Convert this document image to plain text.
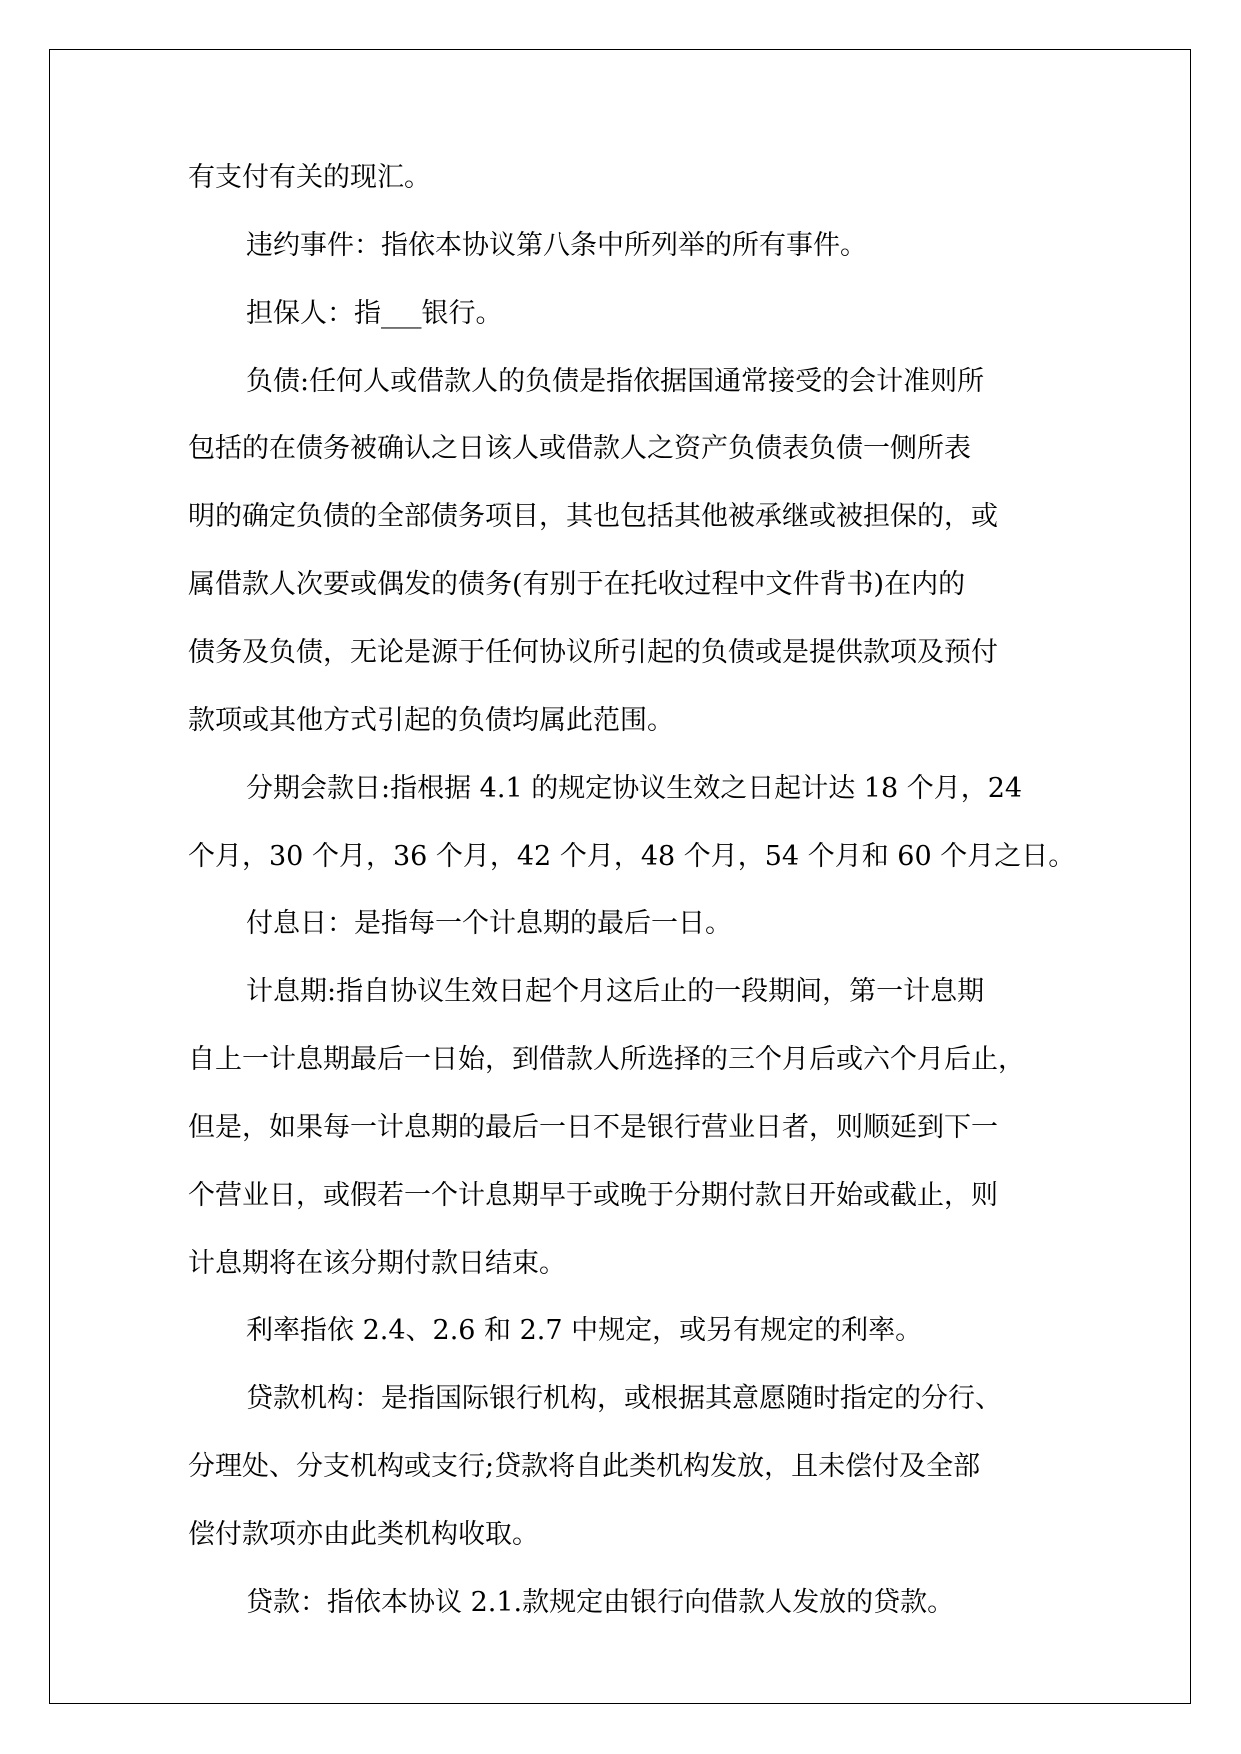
有支付有关的现汇。

违约事件：指依本协议第八条中所列举的所有事件。

担保人：指___银行。

负债:任何人或借款人的负债是指依据国通常接受的会计准则所

包括的在债务被确认之日该人或借款人之资产负债表负债一侧所表

明的确定负债的全部债务项目，其也包括其他被承继或被担保的，或

属借款人次要或偶发的债务(有别于在托收过程中文件背书)在内的

债务及负债，无论是源于任何协议所引起的负债或是提供款项及预付

款项或其他方式引起的负债均属此范围。

分期会款日:指根据 4.1 的规定协议生效之日起计达 18 个月，24

个月，30 个月，36 个月，42 个月，48 个月，54 个月和 60 个月之日。

付息日：是指每一个计息期的最后一日。

计息期:指自协议生效日起个月这后止的一段期间，第一计息期

自上一计息期最后一日始，到借款人所选择的三个月后或六个月后止，

但是，如果每一计息期的最后一日不是银行营业日者，则顺延到下一

个营业日，或假若一个计息期早于或晚于分期付款日开始或截止，则

计息期将在该分期付款日结束。

利率指依 2.4、2.6 和 2.7 中规定，或另有规定的利率。

贷款机构：是指国际银行机构，或根据其意愿随时指定的分行、

分理处、分支机构或支行;贷款将自此类机构发放，且未偿付及全部

偿付款项亦由此类机构收取。

贷款：指依本协议 2.1.款规定由银行向借款人发放的贷款。
